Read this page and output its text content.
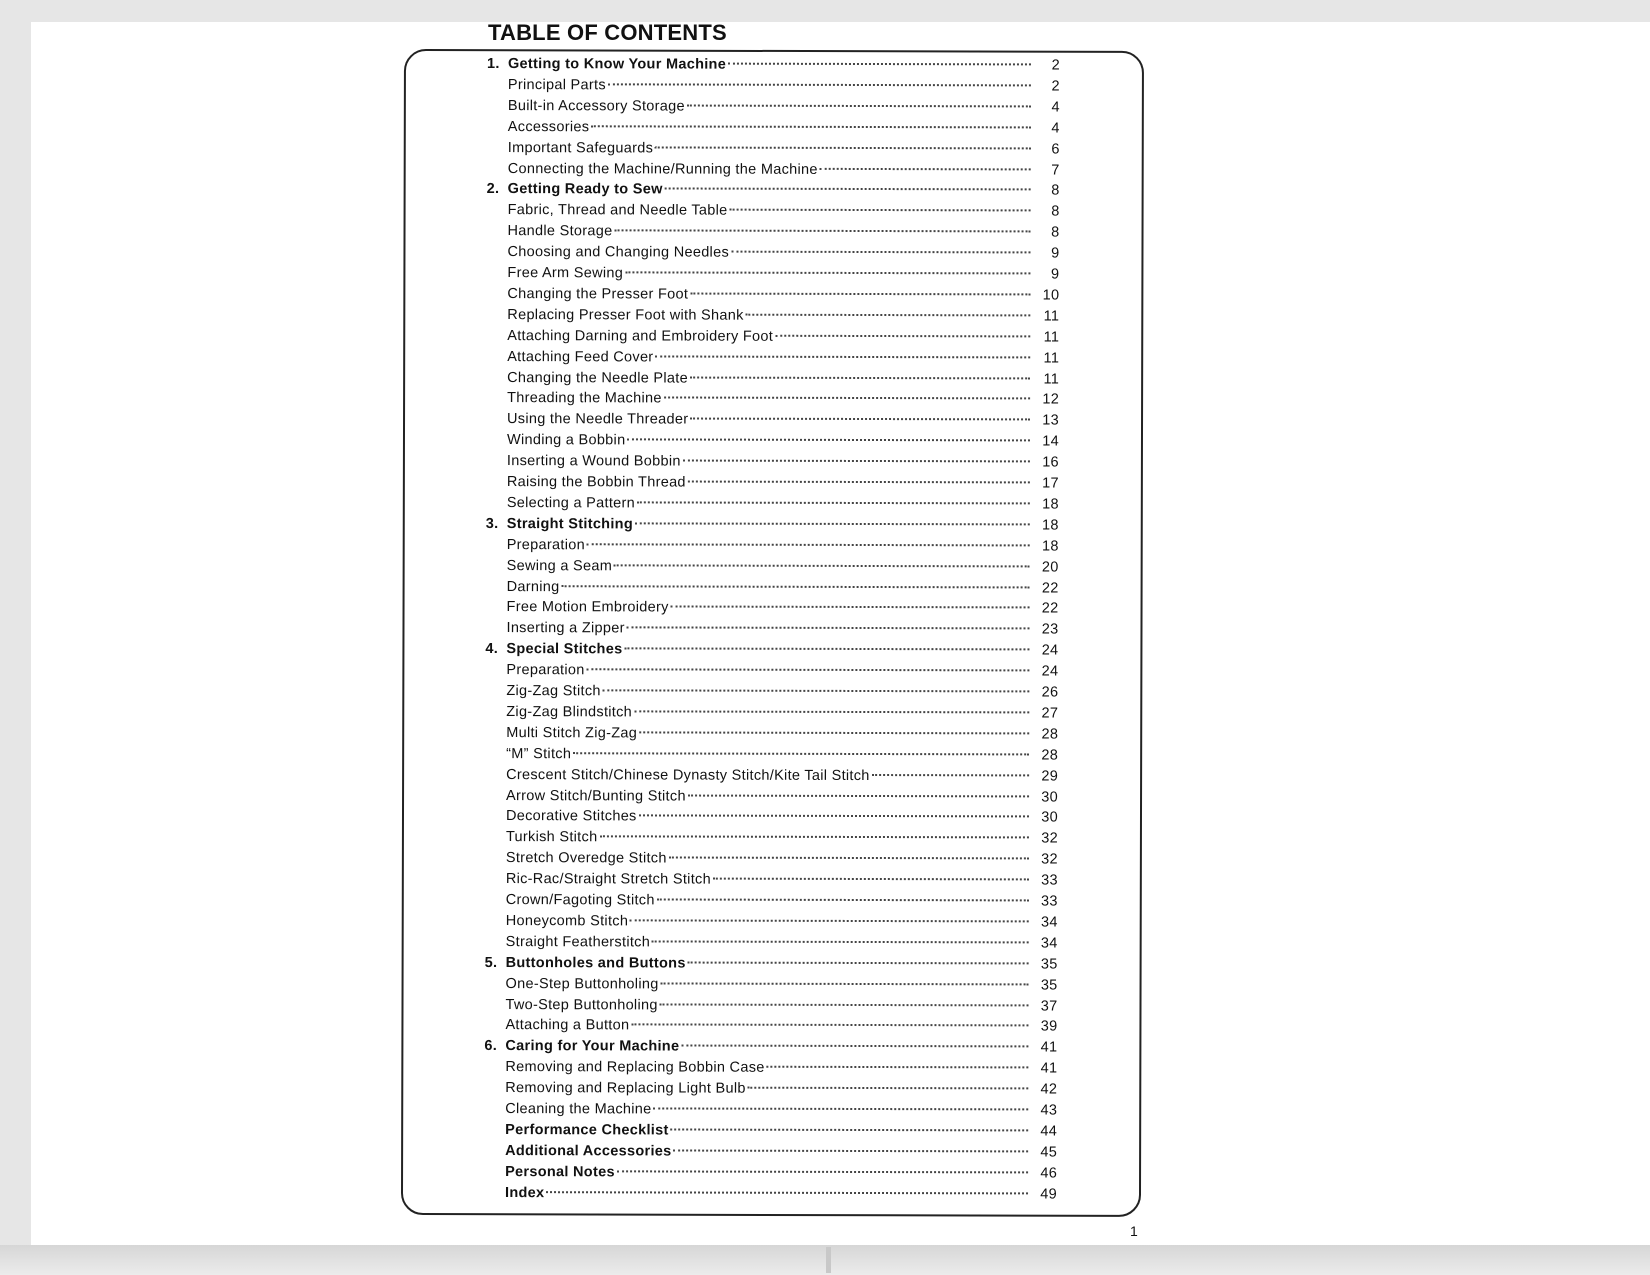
TABLE OF CONTENTS
1. Getting to Know Your Machine	2
Principal Parts	2
Built-in Accessory Storage	4
Accessories	4
Important Safeguards	6
Connecting the Machine/Running the Machine	7
2. Getting Ready to Sew	8
Fabric, Thread and Needle Table	8
Handle Storage	8
Choosing and Changing Needles	9
Free Arm Sewing	9
Changing the Presser Foot	10
Replacing Presser Foot with Shank	11
Attaching Darning and Embroidery Foot	11
Attaching Feed Cover	11
Changing the Needle Plate	11
Threading the Machine	12
Using the Needle Threader	13
Winding a Bobbin	14
Inserting a Wound Bobbin	16
Raising the Bobbin Thread	17
Selecting a Pattern	18
3. Straight Stitching	18
Preparation	18
Sewing a Seam	20
Darning	22
Free Motion Embroidery	22
Inserting a Zipper	23
4. Special Stitches	24
Preparation	24
Zig-Zag Stitch	26
Zig-Zag Blindstitch	27
Multi Stitch Zig-Zag	28
“M” Stitch	28
Crescent Stitch/Chinese Dynasty Stitch/Kite Tail Stitch	29
Arrow Stitch/Bunting Stitch	30
Decorative Stitches	30
Turkish Stitch	32
Stretch Overedge Stitch	32
Ric-Rac/Straight Stretch Stitch	33
Crown/Fagoting Stitch	33
Honeycomb Stitch	34
Straight Featherstitch	34
5. Buttonholes and Buttons	35
One-Step Buttonholing	35
Two-Step Buttonholing	37
Attaching a Button	39
6. Caring for Your Machine	41
Removing and Replacing Bobbin Case	41
Removing and Replacing Light Bulb	42
Cleaning the Machine	43
Performance Checklist	44
Additional Accessories	45
Personal Notes	46
Index	49
1
